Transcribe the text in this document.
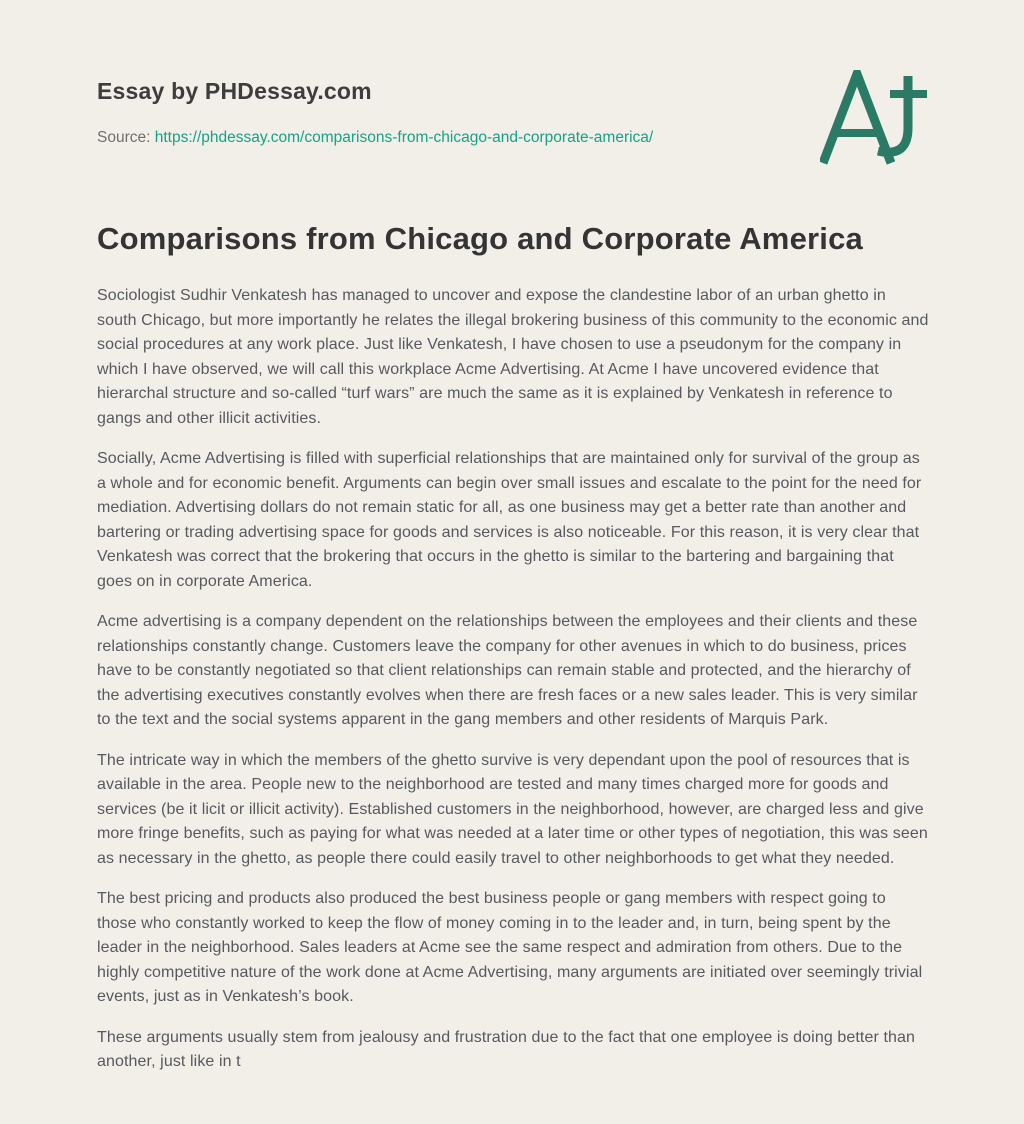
Essay by PHDessay.com
Source: https://phdessay.com/comparisons-from-chicago-and-corporate-america/
Comparisons from Chicago and Corporate America

Sociologist Sudhir Venkatesh has managed to uncover and expose the clandestine labor of an urban ghetto in south Chicago, but more importantly he relates the illegal brokering business of this community to the economic and social procedures at any work place. Just like Venkatesh, I have chosen to use a pseudonym for the company in which I have observed, we will call this workplace Acme Advertising. At Acme I have uncovered evidence that hierarchal structure and so-called “turf wars” are much the same as it is explained by Venkatesh in reference to gangs and other illicit activities.

Socially, Acme Advertising is filled with superficial relationships that are maintained only for survival of the group as a whole and for economic benefit. Arguments can begin over small issues and escalate to the point for the need for mediation. Advertising dollars do not remain static for all, as one business may get a better rate than another and bartering or trading advertising space for goods and services is also noticeable. For this reason, it is very clear that Venkatesh was correct that the brokering that occurs in the ghetto is similar to the bartering and bargaining that goes on in corporate America.

Acme advertising is a company dependent on the relationships between the employees and their clients and these relationships constantly change. Customers leave the company for other avenues in which to do business, prices have to be constantly negotiated so that client relationships can remain stable and protected, and the hierarchy of the advertising executives constantly evolves when there are fresh faces or a new sales leader. This is very similar to the text and the social systems apparent in the gang members and other residents of Marquis Park.

The intricate way in which the members of the ghetto survive is very dependant upon the pool of resources that is available in the area. People new to the neighborhood are tested and many times charged more for goods and services (be it licit or illicit activity). Established customers in the neighborhood, however, are charged less and give more fringe benefits, such as paying for what was needed at a later time or other types of negotiation, this was seen as necessary in the ghetto, as people there could easily travel to other neighborhoods to get what they needed.

The best pricing and products also produced the best business people or gang members with respect going to those who constantly worked to keep the flow of money coming in to the leader and, in turn, being spent by the leader in the neighborhood. Sales leaders at Acme see the same respect and admiration from others. Due to the highly competitive nature of the work done at Acme Advertising, many arguments are initiated over seemingly trivial events, just as in Venkatesh’s book.

These arguments usually stem from jealousy and frustration due to the fact that one employee is doing better than another, just like in t
